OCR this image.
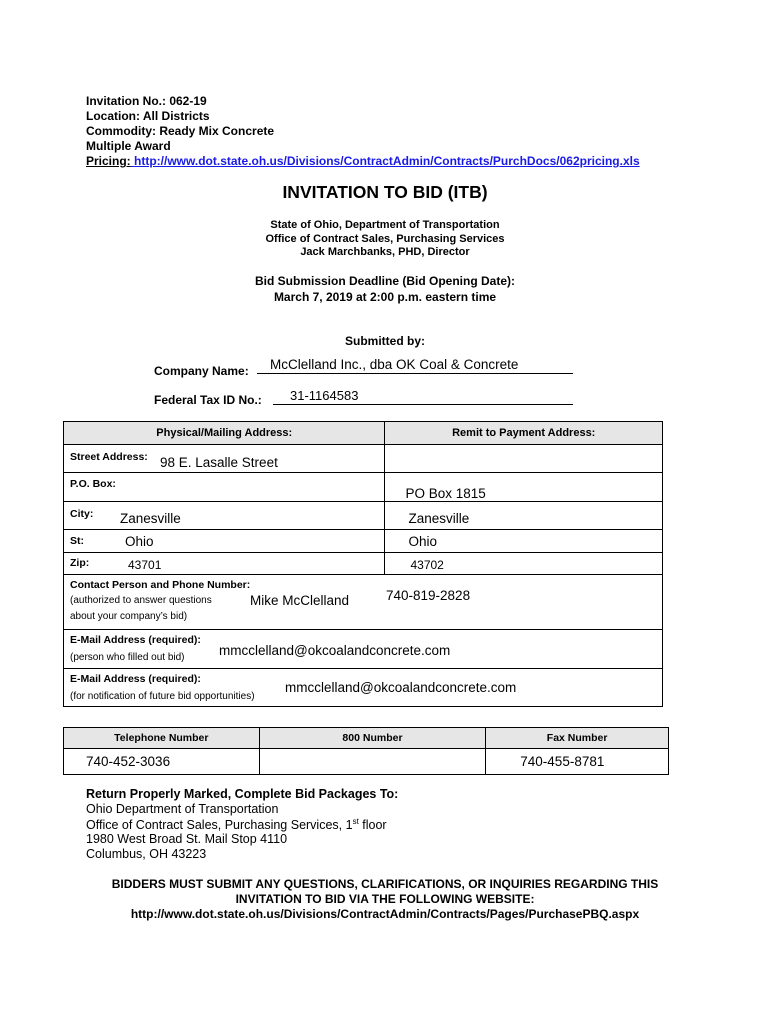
Invitation No.: 062-19
Location: All Districts
Commodity: Ready Mix Concrete
Multiple Award
Pricing: http://www.dot.state.oh.us/Divisions/ContractAdmin/Contracts/PurchDocs/062pricing.xls
INVITATION TO BID (ITB)
State of Ohio, Department of Transportation
Office of Contract Sales, Purchasing Services
Jack Marchbanks, PHD, Director
Bid Submission Deadline (Bid Opening Date):
March 7, 2019 at 2:00 p.m. eastern time
Submitted by:
Company Name: McClelland Inc., dba OK Coal & Concrete
Federal Tax ID No.: 31-1164583
Physical/Mailing Address:	Remit to Payment Address:

Street Address: 98 E. Lasalle Street	

P.O. Box:	PO Box 1815

City: Zanesville	Zanesville

St: Ohio	Ohio

Zip: 43701	43702

Contact Person and Phone Number:
(authorized to answer questions
about your company’s bid)
Mike McClelland 740-819-2828	

E-Mail Address (required):
(person who filled out bid) mmcclelland@okcoalandconcrete.com	

E-Mail Address (required):
(for notification of future bid opportunities)
mmcclelland@okcoalandconcrete.com	
Telephone Number	800 Number	Fax Number

740-452-3036		740-455-8781
Return Properly Marked, Complete Bid Packages To:
Ohio Department of Transportation
Office of Contract Sales, Purchasing Services, 1st floor
1980 West Broad St. Mail Stop 4110
Columbus, OH 43223
BIDDERS MUST SUBMIT ANY QUESTIONS, CLARIFICATIONS, OR INQUIRIES REGARDING THIS
INVITATION TO BID VIA THE FOLLOWING WEBSITE:
http://www.dot.state.oh.us/Divisions/ContractAdmin/Contracts/Pages/PurchasePBQ.aspx
